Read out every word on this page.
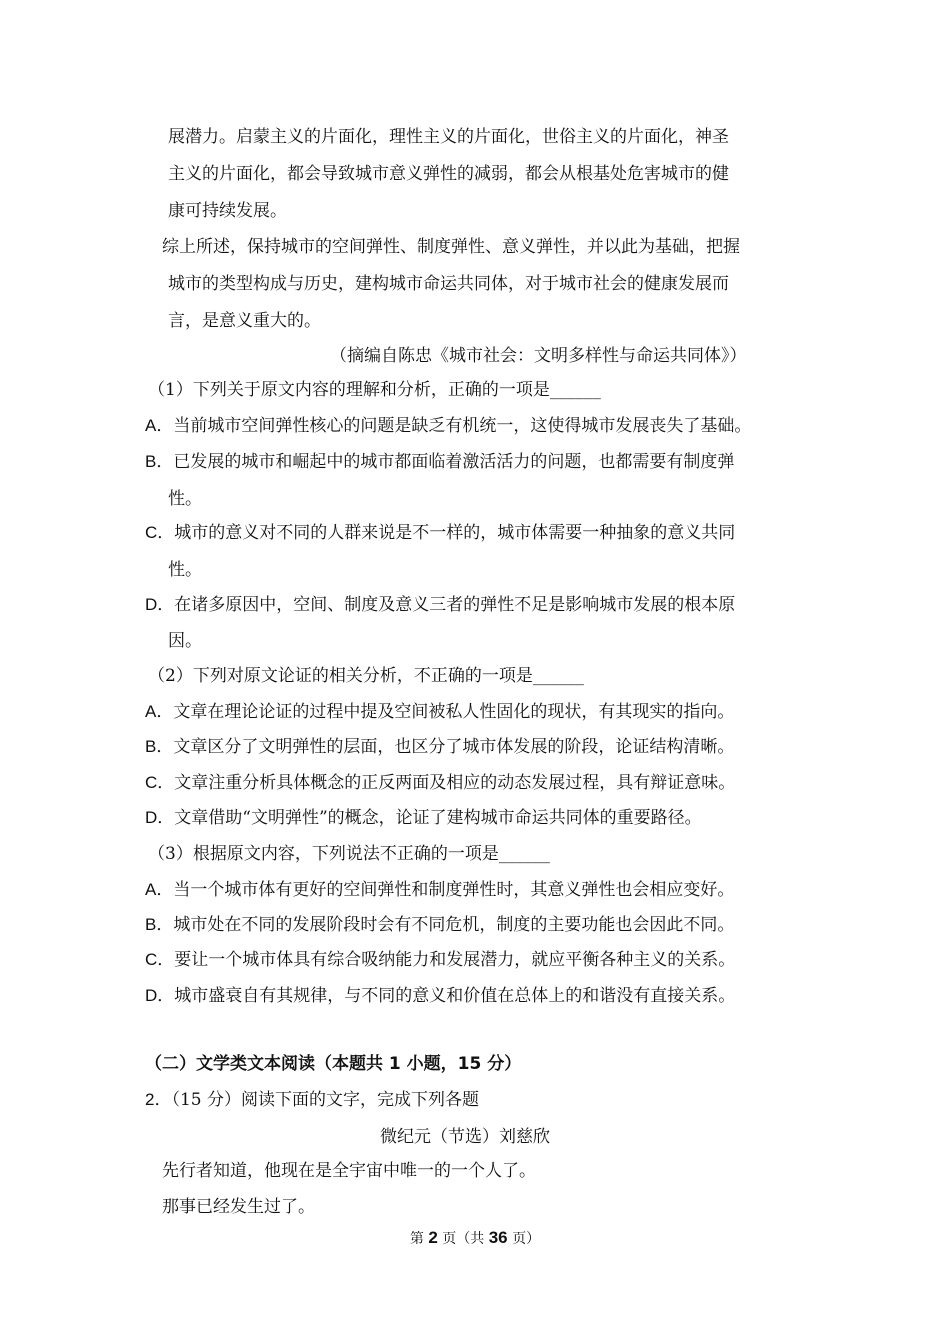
展潜力。启蒙主义的片面化，理性主义的片面化，世俗主义的片面化，神圣
主义的片面化，都会导致城市意义弹性的减弱，都会从根基处危害城市的健
康可持续发展。
综上所述，保持城市的空间弹性、制度弹性、意义弹性，并以此为基础，把握
城市的类型构成与历史，建构城市命运共同体，对于城市社会的健康发展而
言，是意义重大的。
（摘编自陈忠《城市社会：文明多样性与命运共同体》）
（1）下列关于原文内容的理解和分析，正确的一项是______
A．当前城市空间弹性核心的问题是缺乏有机统一，这使得城市发展丧失了基础。
B．已发展的城市和崛起中的城市都面临着激活活力的问题，也都需要有制度弹
性。
C．城市的意义对不同的人群来说是不一样的，城市体需要一种抽象的意义共同
性。
D．在诸多原因中，空间、制度及意义三者的弹性不足是影响城市发展的根本原
因。
（2）下列对原文论证的相关分析，不正确的一项是______
A．文章在理论论证的过程中提及空间被私人性固化的现状，有其现实的指向。
B．文章区分了文明弹性的层面，也区分了城市体发展的阶段，论证结构清晰。
C．文章注重分析具体概念的正反两面及相应的动态发展过程，具有辩证意味。
D．文章借助“文明弹性”的概念，论证了建构城市命运共同体的重要路径。
（3）根据原文内容，下列说法不正确的一项是______
A．当一个城市体有更好的空间弹性和制度弹性时，其意义弹性也会相应变好。
B．城市处在不同的发展阶段时会有不同危机，制度的主要功能也会因此不同。
C．要让一个城市体具有综合吸纳能力和发展潜力，就应平衡各种主义的关系。
D．城市盛衰自有其规律，与不同的意义和价值在总体上的和谐没有直接关系。
（二）文学类文本阅读（本题共 1 小题，15 分）
2．（15 分）阅读下面的文字，完成下列各题
微纪元（节选）刘慈欣
先行者知道，他现在是全宇宙中唯一的一个人了。
那事已经发生过了。
第 2 页（共 36 页）
